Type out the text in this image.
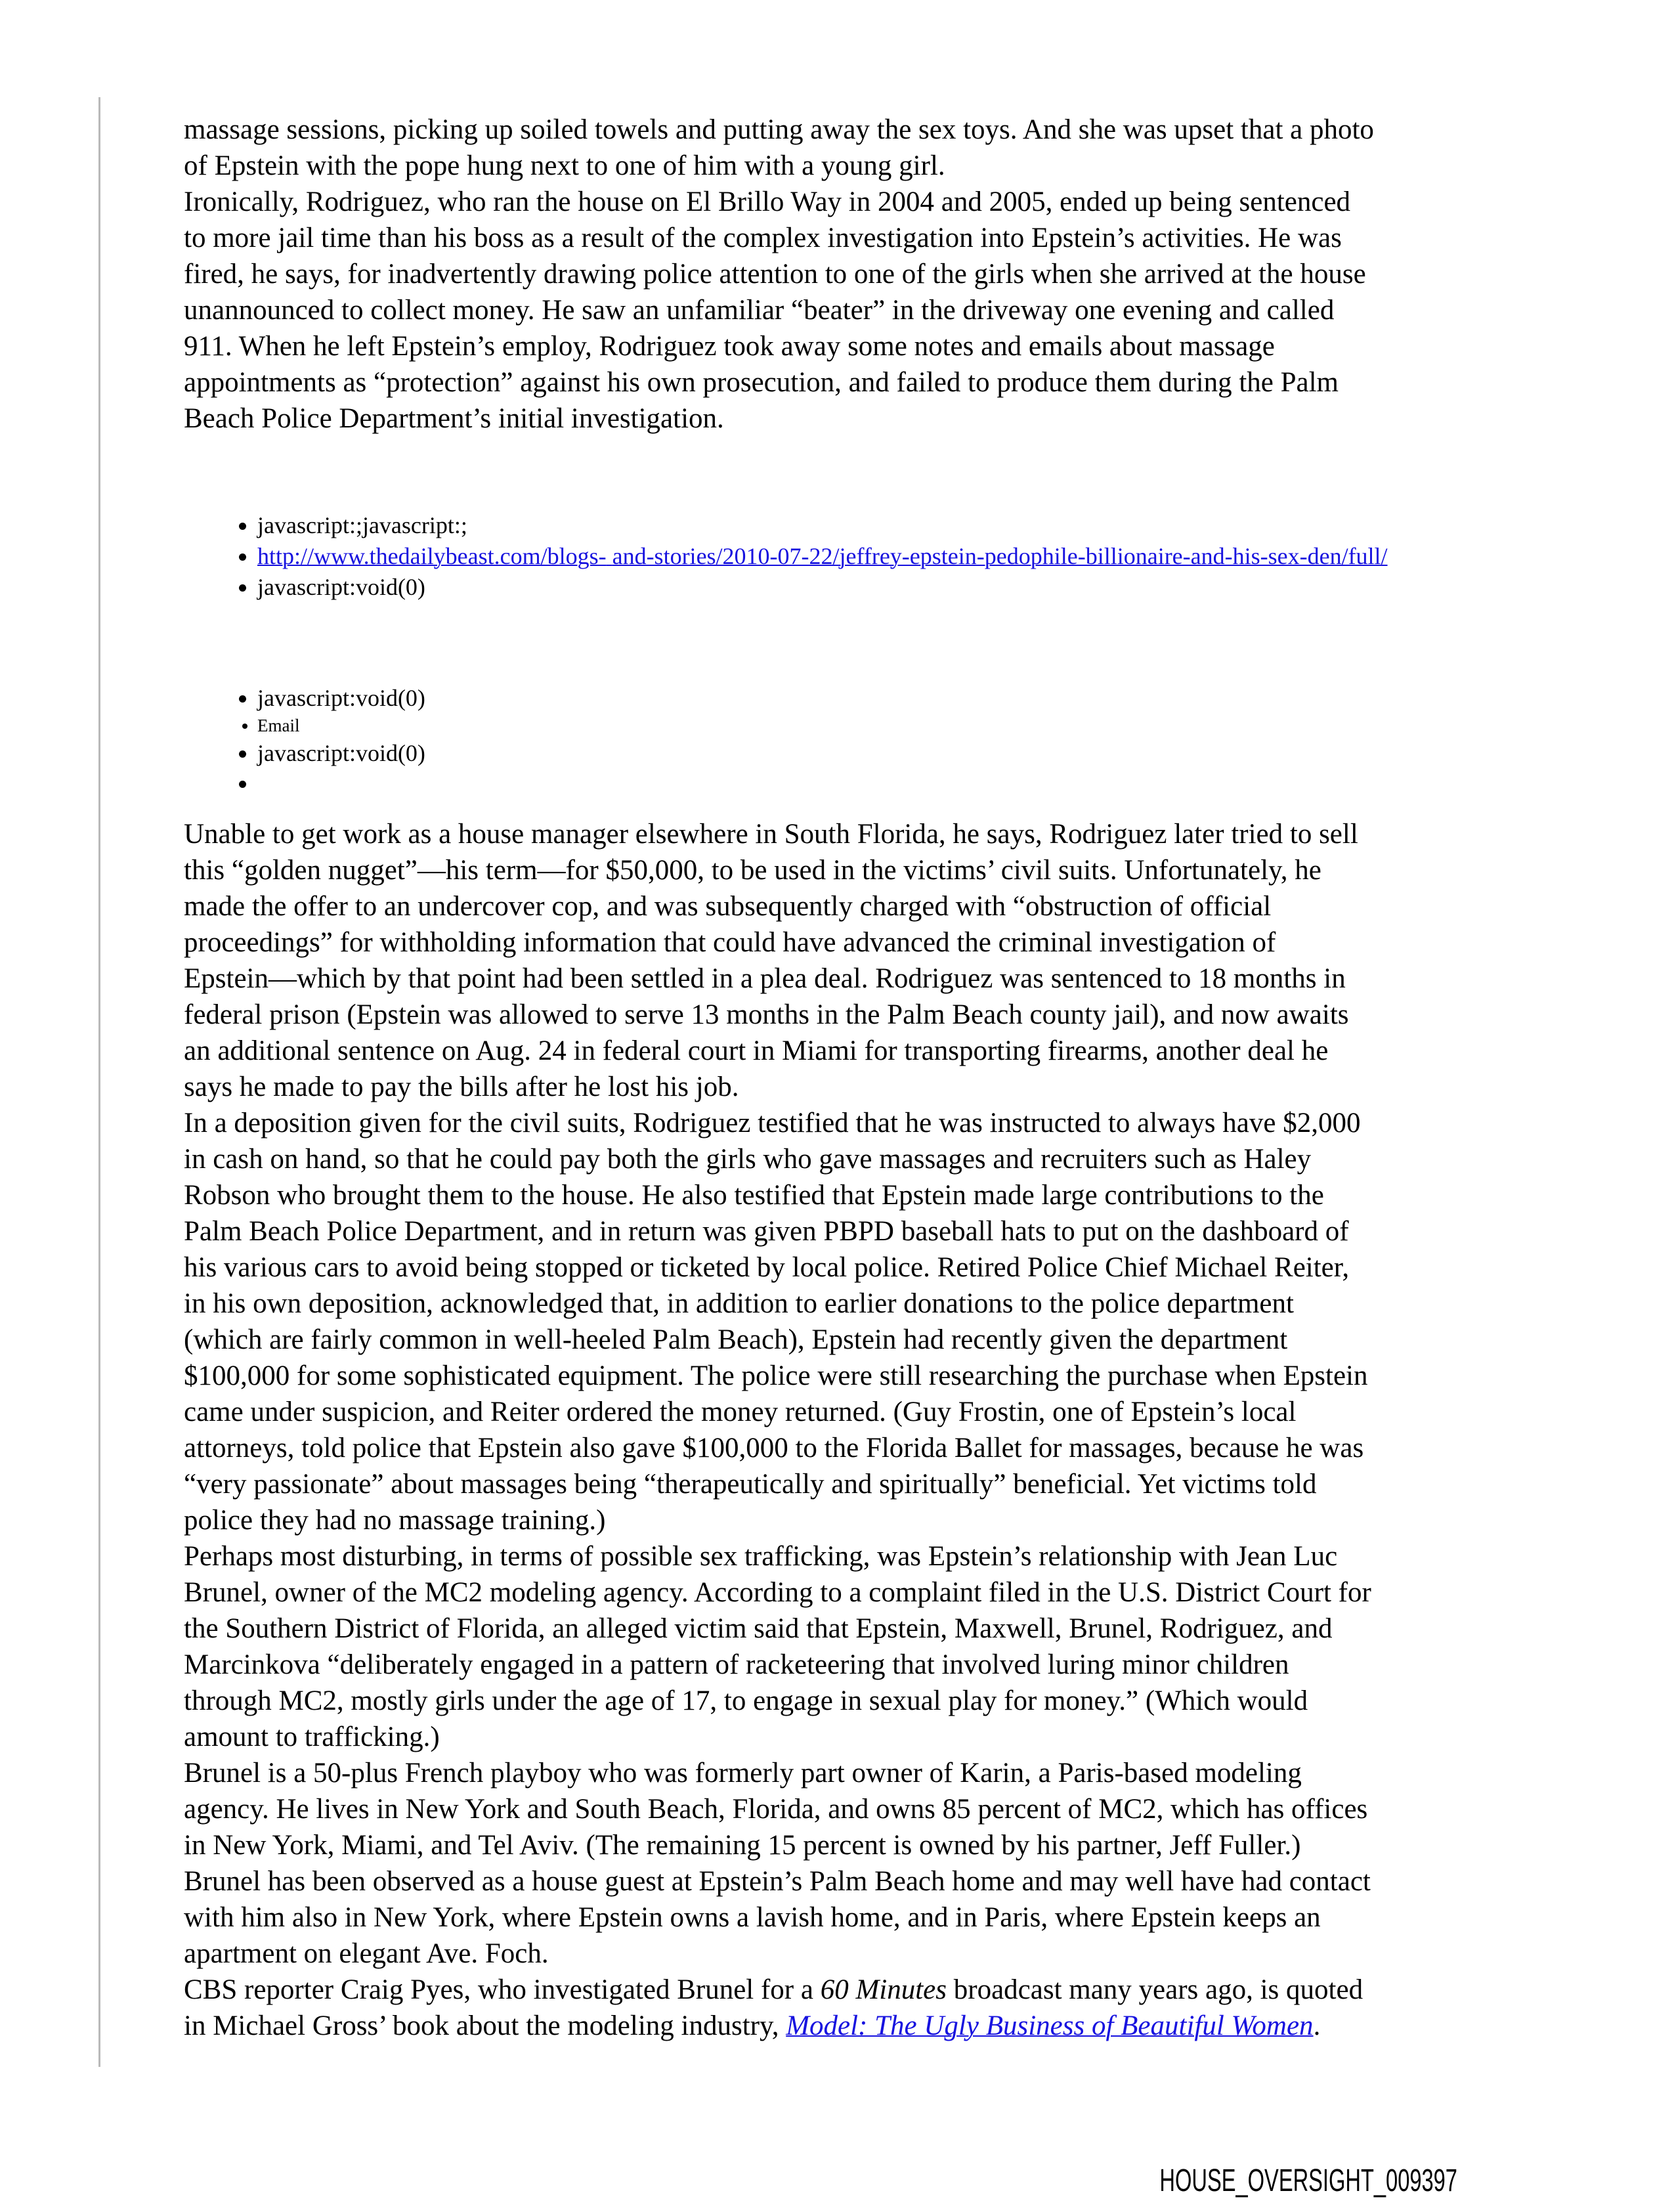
massage sessions, picking up soiled towels and putting away the sex toys. And she was upset that a photo
of Epstein with the pope hung next to one of him with a young girl.
Ironically, Rodriguez, who ran the house on El Brillo Way in 2004 and 2005, ended up being sentenced
to more jail time than his boss as a result of the complex investigation into Epstein’s activities. He was
fired, he says, for inadvertently drawing police attention to one of the girls when she arrived at the house
unannounced to collect money. He saw an unfamiliar “beater” in the driveway one evening and called
911. When he left Epstein’s employ, Rodriguez took away some notes and emails about massage
appointments as “protection” against his own prosecution, and failed to produce them during the Palm
Beach Police Department’s initial investigation.
• javascript:;javascript:;
• http://www.thedailybeast.com/blogs- and-stories/2010-07-22/jeffrey-epstein-pedophile-billionaire-and-his-sex-den/full/
• javascript:void(0)
• javascript:void(0)
• Email
• javascript:void(0)
•
Unable to get work as a house manager elsewhere in South Florida, he says, Rodriguez later tried to sell
this “golden nugget”—his term—for $50,000, to be used in the victims’ civil suits. Unfortunately, he
made the offer to an undercover cop, and was subsequently charged with “obstruction of official
proceedings” for withholding information that could have advanced the criminal investigation of
Epstein—which by that point had been settled in a plea deal. Rodriguez was sentenced to 18 months in
federal prison (Epstein was allowed to serve 13 months in the Palm Beach county jail), and now awaits
an additional sentence on Aug. 24 in federal court in Miami for transporting firearms, another deal he
says he made to pay the bills after he lost his job.
In a deposition given for the civil suits, Rodriguez testified that he was instructed to always have $2,000
in cash on hand, so that he could pay both the girls who gave massages and recruiters such as Haley
Robson who brought them to the house. He also testified that Epstein made large contributions to the
Palm Beach Police Department, and in return was given PBPD baseball hats to put on the dashboard of
his various cars to avoid being stopped or ticketed by local police. Retired Police Chief Michael Reiter,
in his own deposition, acknowledged that, in addition to earlier donations to the police department
(which are fairly common in well-heeled Palm Beach), Epstein had recently given the department
$100,000 for some sophisticated equipment. The police were still researching the purchase when Epstein
came under suspicion, and Reiter ordered the money returned. (Guy Frostin, one of Epstein’s local
attorneys, told police that Epstein also gave $100,000 to the Florida Ballet for massages, because he was
“very passionate” about massages being “therapeutically and spiritually” beneficial. Yet victims told
police they had no massage training.)
Perhaps most disturbing, in terms of possible sex trafficking, was Epstein’s relationship with Jean Luc
Brunel, owner of the MC2 modeling agency. According to a complaint filed in the U.S. District Court for
the Southern District of Florida, an alleged victim said that Epstein, Maxwell, Brunel, Rodriguez, and
Marcinkova “deliberately engaged in a pattern of racketeering that involved luring minor children
through MC2, mostly girls under the age of 17, to engage in sexual play for money.” (Which would
amount to trafficking.)
Brunel is a 50-plus French playboy who was formerly part owner of Karin, a Paris-based modeling
agency. He lives in New York and South Beach, Florida, and owns 85 percent of MC2, which has offices
in New York, Miami, and Tel Aviv. (The remaining 15 percent is owned by his partner, Jeff Fuller.)
Brunel has been observed as a house guest at Epstein’s Palm Beach home and may well have had contact
with him also in New York, where Epstein owns a lavish home, and in Paris, where Epstein keeps an
apartment on elegant Ave. Foch.
CBS reporter Craig Pyes, who investigated Brunel for a 60 Minutes broadcast many years ago, is quoted
in Michael Gross’ book about the modeling industry, Model: The Ugly Business of Beautiful Women.
HOUSE_OVERSIGHT_009397
